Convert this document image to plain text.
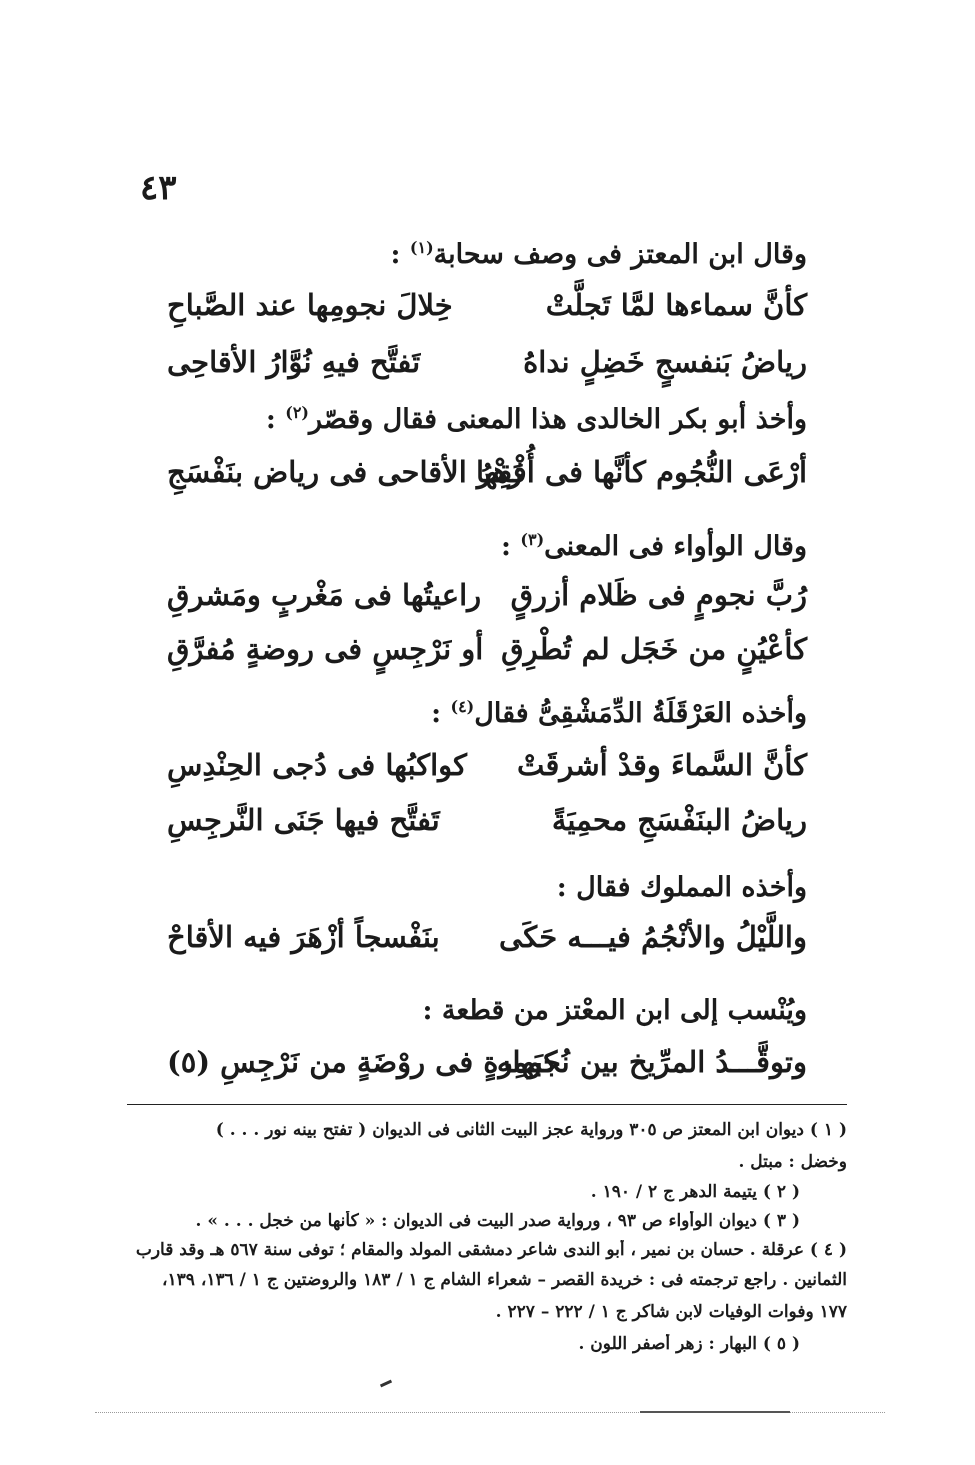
٤٣
وقال ابن المعتز فى وصف سحابة$^{(١)}$ :
كأنَّ سماءها لمَّا تَجلَّتْ
خِلالَ نجومِها عند الصَّباحِ
رياضُ بَنفسجٍ خَضِلٍ نداهُ
تَفتَّح فيهِ نُوَّارُ الأقاحِى
وأخذ أبو بكر الخالدى هذا المعنى فقال وقصّر$^{(٢)}$ :
أرْعَى النُّجُوم كأنَّها فى أُفْقِها
زَهْرُ الأقاحى فى رياض بنَفْسَجِ
وقال الوأواء فى المعنى$^{(٣)}$ :
رُبَّ نجومٍ فى ظَلام أزرقٍ
راعيتُها فى مَغْربٍ ومَشرقِ
كأعْيُنٍ من خَجَل لم تُطْرِقِ
أو نَرْجِسٍ فى روضةٍ مُفرَّقِ
وأخذه العَرْقَلَةُ الدِّمَشْقِىُّ فقال$^{(٤)}$ :
كأنَّ السَّماءَ وقدْ أشرقَتْ
كواكبُها فى دُجى الحِنْدِسِ
رياضُ البنَفْسَجِ محمِيَةً
تَفتَّح فيها جَنَى النَّرجِسِ
وأخذه المملوك فقال :
واللَّيْلُ والأنْجُمُ فيـــه حَكَى
بنَفْسجاً أزْهَرَ فيه الأقاحْ
ويُنْسب إلى ابن المعْتز من قطعة :
وتوقَّـــدُ المرِّيخ بين نُجومِه
كبَهارةٍ فى روْضَةٍ من نَرْجِسِ (٥)
( ١ ) ديوان ابن المعتز ص ٣٠٥ ورواية عجز البيت الثانى فى الديوان ( تفتح بينه نور . . . )
وخضل : مبتل .
( ٢ ) يتيمة الدهر ج ٢ / ١٩٠ .
( ٣ ) ديوان الوأواء ص ٩٣ ، ورواية صدر البيت فى الديوان : « كأنها من خجل . . . » .
( ٤ ) عرقلة . حسان بن نمير ، أبو الندى شاعر دمشقى المولد والمقام ؛ توفى سنة ٥٦٧ هـ وقد قارب
الثمانين . راجع ترجمته فى : خريدة القصر – شعراء الشام ج ١ / ١٨٣ والروضتين ج ١ / ١٣٦، ١٣٩،
١٧٧ وفوات الوفيات لابن شاكر ج ١ / ٢٢٢ – ٢٢٧ .
( ٥ ) البهار : زهر أصفر اللون .
